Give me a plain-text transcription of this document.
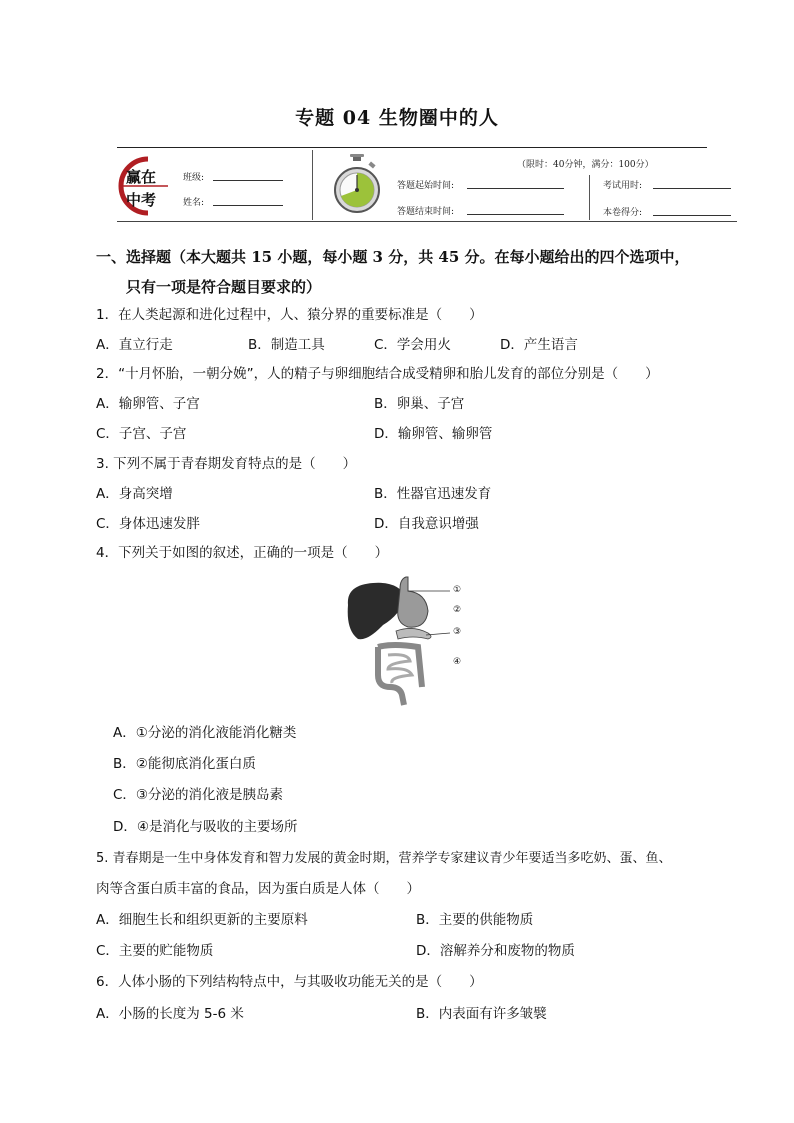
专题 04 生物圈中的人
赢在
中考
班级:
姓名:
（限时：40分钟，满分：100分）
答题起始时间:
答题结束时间:
考试用时:
本卷得分:
一、选择题（本大题共 15 小题，每小题 3 分，共 45 分。在每小题给出的四个选项中，
只有一项是符合题目要求的）
1．在人类起源和进化过程中，人、猿分界的重要标准是（　　）
A．直立行走	B．制造工具	C．学会用火	D．产生语言
2．“十月怀胎，一朝分娩”，人的精子与卵细胞结合成受精卵和胎儿发育的部位分别是（　　）
A．输卵管、子宫	B．卵巢、子宫
C．子宫、子宫	D．输卵管、输卵管
3. 下列不属于青春期发育特点的是（　　）
A．身高突增	B．性器官迅速发育
C．身体迅速发胖	D．自我意识增强
4．下列关于如图的叙述，正确的一项是（　　）
①
②
③
④
A．①分泌的消化液能消化糖类
B．②能彻底消化蛋白质
C．③分泌的消化液是胰岛素
D．④是消化与吸收的主要场所
5. 青春期是一生中身体发育和智力发展的黄金时期，营养学专家建议青少年要适当多吃奶、蛋、鱼、
肉等含蛋白质丰富的食品，因为蛋白质是人体（　　）
A．细胞生长和组织更新的主要原料	B．主要的供能物质
C．主要的贮能物质	D．溶解养分和废物的物质
6．人体小肠的下列结构特点中，与其吸收功能无关的是（　　）
A．小肠的长度为 5-6 米	B．内表面有许多皱襞
